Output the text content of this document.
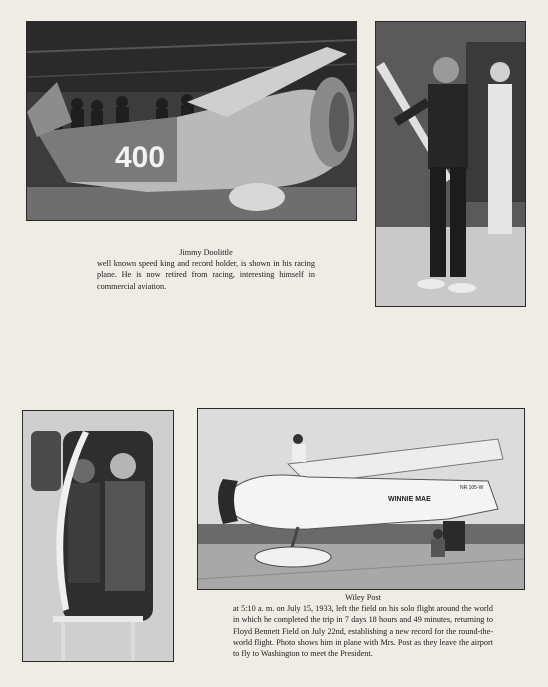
400
Jimmy Doolittle
well known speed king and record holder, is shown in his racing plane. He is now retired from racing, interesting himself in commercial aviation.
WINNIE MAE
NR 105-W
Wiley Post
at 5:10 a. m. on July 15, 1933, left the field on his solo flight around the world in which he completed the trip in 7 days 18 hours and 49 minutes, returning to Floyd Bennett Field on July 22nd, establishing a new record for the round-the-world flight. Photo shows him in plane with Mrs. Post as they leave the airport to fly to Washington to meet the President.
